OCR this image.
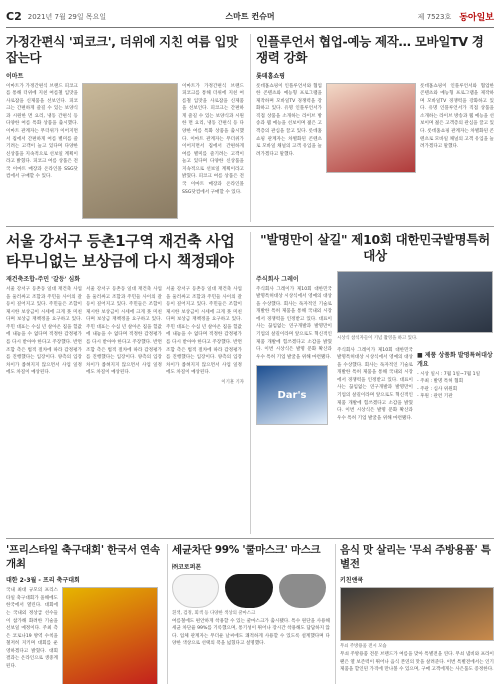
C2 2021년 7월 29일 목요일	스마트 컨슈머	제 7523호 동아일보
가정간편식 '피코크', 더위에 지친 여름 입맛 잡는다
이마트
이마트가 가정간편식 브랜드 피코크를 통해 더위에 지친 여름철 입맛을 사로잡을 신제품을 선보인다. 피코크는 간편하게 즐길 수 있는 보양식과 시원한 면 요리, 냉동 간편식 등 다양한 여름 특화 상품을 출시했다. 이마트 관계자는 무더위가 이어지면서 집에서 간편하게 여름 별미를 즐기려는 고객이 늘고 있다며 다양한 신상품을 지속적으로 선보일 계획이라고 밝혔다. 피코크 여름 상품은 전국 이마트 매장과 온라인몰 SSG닷컴에서 구매할 수 있다.
이마트가 가정간편식 브랜드 피코크를 통해 더위에 지친 여름철 입맛을 사로잡을 신제품을 선보인다. 피코크는 간편하게 즐길 수 있는 보양식과 시원한 면 요리, 냉동 간편식 등 다양한 여름 특화 상품을 출시했다. 이마트 관계자는 무더위가 이어지면서 집에서 간편하게 여름 별미를 즐기려는 고객이 늘고 있다며 다양한 신상품을 지속적으로 선보일 계획이라고 밝혔다. 피코크 여름 상품은 전국 이마트 매장과 온라인몰 SSG닷컴에서 구매할 수 있다.
인플루언서 협업-예능 제작… 모바일TV 경쟁력 강화
롯데홈쇼핑
롯데홈쇼핑이 인플루언서와 협업한 콘텐츠와 예능형 프로그램을 제작하며 모바일TV 경쟁력을 강화하고 있다. 유명 인플루언서가 직접 상품을 소개하는 라이브 방송과 웹 예능을 선보이며 젊은 고객층의 관심을 끌고 있다. 롯데홈쇼핑 관계자는 차별화된 콘텐츠로 모바일 채널의 고객 유입을 늘려가겠다고 말했다.
롯데홈쇼핑이 인플루언서와 협업한 콘텐츠와 예능형 프로그램을 제작하며 모바일TV 경쟁력을 강화하고 있다. 유명 인플루언서가 직접 상품을 소개하는 라이브 방송과 웹 예능을 선보이며 젊은 고객층의 관심을 끌고 있다. 롯데홈쇼핑 관계자는 차별화된 콘텐츠로 모바일 채널의 고객 유입을 늘려가겠다고 말했다.
서울 강서구 등촌1구역 재건축 사업 타무니없는 보상금에 다시 책정돼야
재건축조합-주민 '갈등' 심화
서울 강서구 등촌동 일대 재건축 사업을 둘러싸고 조합과 주민들 사이의 갈등이 깊어지고 있다. 주민들은 조합이 제시한 보상금이 시세에 크게 못 미친다며 보상금 재책정을 요구하고 있다. 주민 대표는 수십 년 살아온 집을 헐값에 내놓을 수 없다며 적정한 감정평가를 다시 받아야 한다고 주장했다. 반면 조합 측은 법적 절차에 따라 감정평가를 진행했다는 입장이다. 양측의 입장 차이가 좁혀지지 않으면서 사업 일정에도 차질이 예상된다.
서울 강서구 등촌동 일대 재건축 사업을 둘러싸고 조합과 주민들 사이의 갈등이 깊어지고 있다. 주민들은 조합이 제시한 보상금이 시세에 크게 못 미친다며 보상금 재책정을 요구하고 있다. 주민 대표는 수십 년 살아온 집을 헐값에 내놓을 수 없다며 적정한 감정평가를 다시 받아야 한다고 주장했다. 반면 조합 측은 법적 절차에 따라 감정평가를 진행했다는 입장이다. 양측의 입장 차이가 좁혀지지 않으면서 사업 일정에도 차질이 예상된다.
서울 강서구 등촌동 일대 재건축 사업을 둘러싸고 조합과 주민들 사이의 갈등이 깊어지고 있다. 주민들은 조합이 제시한 보상금이 시세에 크게 못 미친다며 보상금 재책정을 요구하고 있다. 주민 대표는 수십 년 살아온 집을 헐값에 내놓을 수 없다며 적정한 감정평가를 다시 받아야 한다고 주장했다. 반면 조합 측은 법적 절차에 따라 감정평가를 진행했다는 입장이다. 양측의 입장 차이가 좁혀지지 않으면서 사업 일정에도 차질이 예상된다.
이기훈 기자
"발명만이 살길" 제10회 대한민국발명특허대상
주식회사 그레이
주식회사 그레이가 제10회 대한민국발명특허대상 시상식에서 영예의 대상을 수상했다. 회사는 독자적인 기술로 개발한 특허 제품을 통해 국내외 시장에서 경쟁력을 인정받고 있다. 대표이사는 끊임없는 연구개발과 발명만이 기업의 살길이라며 앞으로도 혁신적인 제품 개발에 힘쓰겠다고 소감을 밝혔다. 이번 시상식은 발명 문화 확산과 우수 특허 기업 발굴을 위해 마련됐다.
Dar's
시상식 참석자들이 기념 촬영을 하고 있다.
주식회사 그레이가 제10회 대한민국발명특허대상 시상식에서 영예의 대상을 수상했다. 회사는 독자적인 기술로 개발한 특허 제품을 통해 국내외 시장에서 경쟁력을 인정받고 있다. 대표이사는 끊임없는 연구개발과 발명만이 기업의 살길이라며 앞으로도 혁신적인 제품 개발에 힘쓰겠다고 소감을 밝혔다. 이번 시상식은 발명 문화 확산과 우수 특허 기업 발굴을 위해 마련됐다.
■ 제품 상품화 발명특허대상 개요
- 시상 일시 : 7월 1일~7월 1일
- 주최 : 발명 특허 협회
- 주관 : 심사 위원회
- 후원 : 관련 기관
'프리스타일 축구대회' 한국서 연속 개최
대한 2-3월 - 프리 축구대회
국내 최대 규모의 프리스타일 축구대회가 올해에도 한국에서 열린다. 대회에는 국내외 정상급 선수들이 참가해 화려한 기술을 선보일 예정이다. 주최 측은 코로나19 방역 수칙을 철저히 지키며 대회를 운영하겠다고 밝혔다. 대회 결과는 온라인으로 생중계된다.
세균차단 99% '쿨마스크' 마스크
㈜코로퍼폰
흰색, 검정, 회색 등 다양한 색상의 쿨마스크
여름철에도 편안하게 착용할 수 있는 쿨마스크가 출시됐다. 특수 원단을 사용해 세균 차단율 99%를 기록했으며, 통기성이 뛰어나 장시간 착용해도 답답하지 않다. 업체 관계자는 무더운 날씨에도 쾌적하게 사용할 수 있도록 설계했다며 다양한 색상으로 선택의 폭을 넓혔다고 설명했다.
음식 맛 살리는 '무쇠 주방용품' 특별전
키친앤쿡
무쇠 주방용품 전시 모습
무쇠 주방용품 전문 브랜드가 여름을 맞아 특별전을 연다. 무쇠 냄비와 프라이팬은 열 보존력이 뛰어나 음식 본연의 맛을 살려준다. 이번 특별전에서는 인기 제품을 할인된 가격에 만나볼 수 있으며, 구매 고객에게는 사은품도 증정한다.
